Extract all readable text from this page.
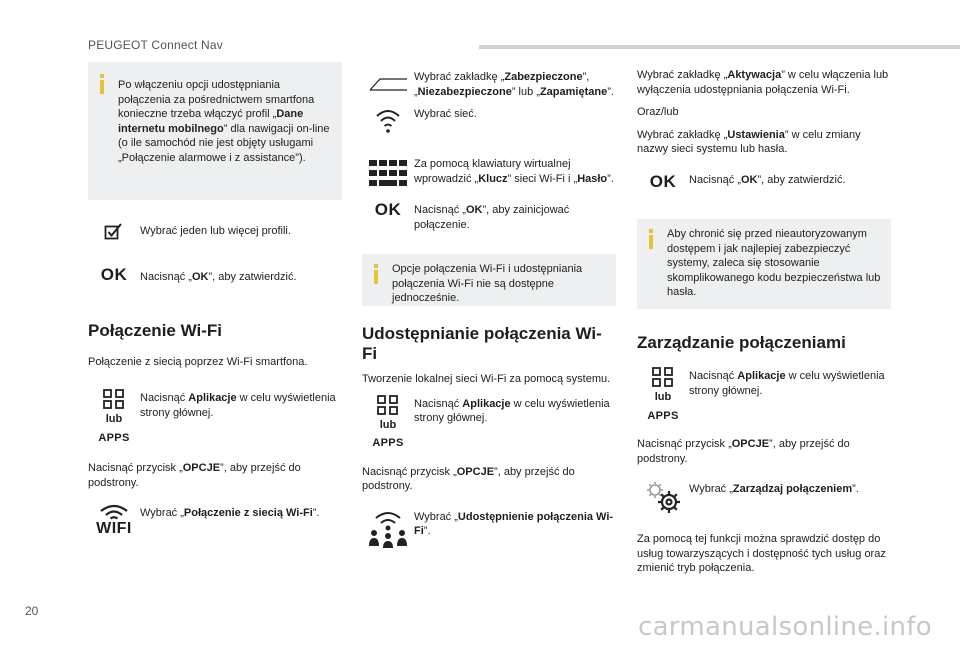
PEUGEOT Connect Nav
Po włączeniu opcji udostępniania połączenia za pośrednictwem smartfona konieczne trzeba włączyć profil „Dane internetu mobilnego” dla nawigacji on-line (o ile samochód nie jest objęty usługami „Połączenie alarmowe i z assistance”).
Wybrać jeden lub więcej profili.
OK Nacisnąć „OK”, aby zatwierdzić.
Połączenie Wi-Fi
Połączenie z siecią poprzez Wi-Fi smartfona.
lub
APPS
Nacisnąć Aplikacje w celu wyświetlenia strony głównej.
Nacisnąć przycisk „OPCJE”, aby przejść do podstrony.
WIFI
Wybrać „Połączenie z siecią Wi-Fi”.
Wybrać zakładkę „Zabezpieczone”, „Niezabezpieczone” lub „Zapamiętane”.
Wybrać sieć.
Za pomocą klawiatury wirtualnej wprowadzić „Klucz” sieci Wi-Fi i „Hasło”.
OK Nacisnąć „OK”, aby zainicjować połączenie.
Opcje połączenia Wi-Fi i udostępniania połączenia Wi-Fi nie są dostępne jednocześnie.
Udostępnianie połączenia Wi-Fi
Tworzenie lokalnej sieci Wi-Fi za pomocą systemu.
lub
APPS
Nacisnąć Aplikacje w celu wyświetlenia strony głównej.
Nacisnąć przycisk „OPCJE”, aby przejść do podstrony.
Wybrać „Udostępnienie połączenia Wi-Fi”.
Wybrać zakładkę „Aktywacja” w celu włączenia lub wyłączenia udostępniania połączenia Wi-Fi.
Oraz/lub
Wybrać zakładkę „Ustawienia” w celu zmiany nazwy sieci systemu lub hasła.
OK Nacisnąć „OK”, aby zatwierdzić.
Aby chronić się przed nieautoryzowanym dostępem i jak najlepiej zabezpieczyć systemy, zaleca się stosowanie skomplikowanego kodu bezpieczeństwa lub hasła.
Zarządzanie połączeniami
lub
APPS
Nacisnąć Aplikacje w celu wyświetlenia strony głównej.
Nacisnąć przycisk „OPCJE”, aby przejść do podstrony.
Wybrać „Zarządzaj połączeniem”.
Za pomocą tej funkcji można sprawdzić dostęp do usług towarzyszących i dostępność tych usług oraz zmienić tryb połączenia.
20
carmanualsonline.info
